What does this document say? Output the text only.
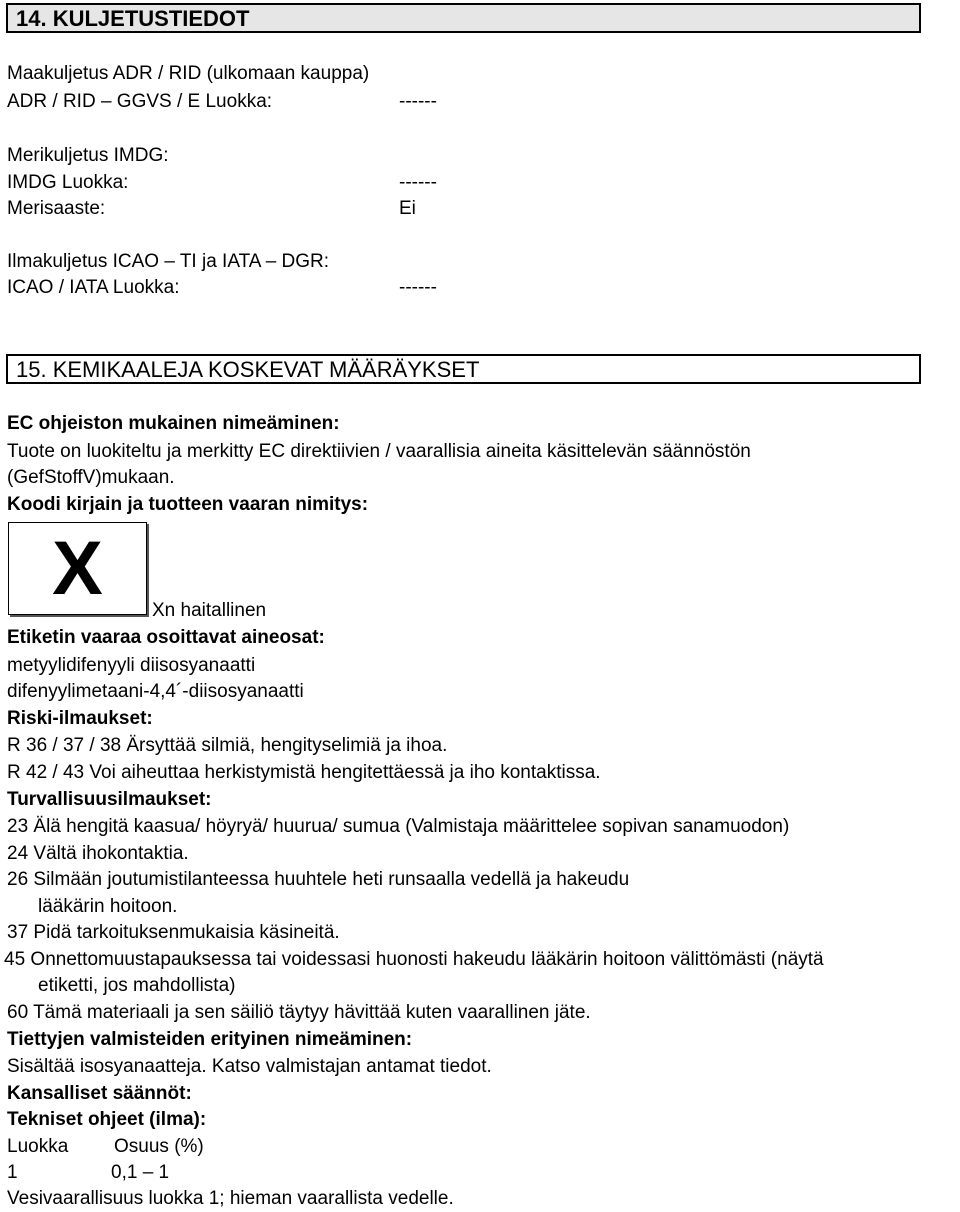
14. KULJETUSTIEDOT
Maakuljetus ADR / RID (ulkomaan kauppa)
ADR / RID – GGVS / E Luokka:	------
Merikuljetus IMDG:
IMDG Luokka:	------
Merisaaste:	Ei
Ilmakuljetus ICAO – TI ja IATA – DGR:
ICAO / IATA Luokka:	------
15. KEMIKAALEJA KOSKEVAT MÄÄRÄYKSET
EC ohjeiston mukainen nimeäminen:
Tuote on luokiteltu ja merkitty EC direktiivien / vaarallisia aineita käsittelevän säännöstön
(GefStoffV)mukaan.
Koodi kirjain ja tuotteen vaaran nimitys:
X	Xn haitallinen
Etiketin vaaraa osoittavat aineosat:
metyylidifenyyli diisosyanaatti
difenyylimetaani-4,4´-diisosyanaatti
Riski-ilmaukset:
R 36 / 37 / 38 Ärsyttää silmiä, hengityselimiä ja ihoa.
R 42 / 43 Voi aiheuttaa herkistymistä hengitettäessä ja iho kontaktissa.
Turvallisuusilmaukset:
23 Älä hengitä kaasua/ höyryä/ huurua/ sumua (Valmistaja määrittelee sopivan sanamuodon)
24 Vältä ihokontaktia.
26 Silmään joutumistilanteessa huuhtele heti runsaalla vedellä ja hakeudu
lääkärin hoitoon.
37 Pidä tarkoituksenmukaisia käsineitä.
45 Onnettomuustapauksessa tai voidessasi huonosti hakeudu lääkärin hoitoon välittömästi (näytä
etiketti, jos mahdollista)
60 Tämä materiaali ja sen säiliö täytyy hävittää kuten vaarallinen jäte.
Tiettyjen valmisteiden erityinen nimeäminen:
Sisältää isosyanaatteja. Katso valmistajan antamat tiedot.
Kansalliset säännöt:
Tekniset ohjeet (ilma):
Luokka Osuus (%)
1	0,1 – 1
Vesivaarallisuus luokka 1; hieman vaarallista vedelle.
